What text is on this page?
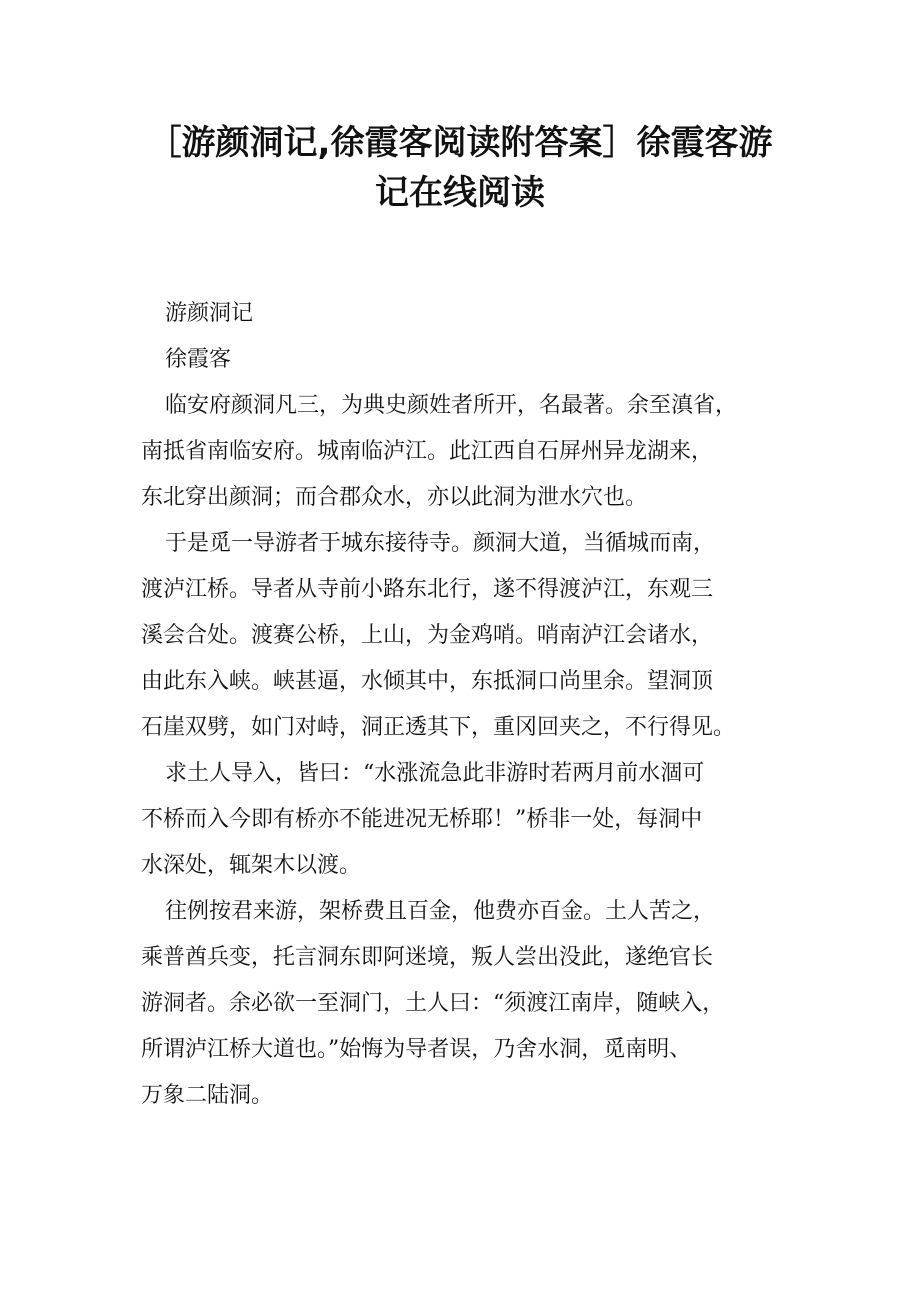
［游颜洞记,徐霞客阅读附答案］徐霞客游
记在线阅读
游颜洞记
徐霞客
临安府颜洞凡三，为典史颜姓者所开，名最著。余至滇省，
南抵省南临安府。城南临泸江。此江西自石屏州异龙湖来，
东北穿出颜洞；而合郡众水，亦以此洞为泄水穴也。
于是觅一导游者于城东接待寺。颜洞大道，当循城而南，
渡泸江桥。导者从寺前小路东北行，遂不得渡泸江，东观三
溪会合处。渡赛公桥，上山，为金鸡哨。哨南泸江会诸水，
由此东入峡。峡甚逼，水倾其中，东抵洞口尚里余。望洞顶
石崖双劈，如门对峙，洞正透其下，重冈回夹之，不行得见。
求土人导入，皆曰：“水涨流急此非游时若两月前水涸可
不桥而入今即有桥亦不能进况无桥耶！”桥非一处，每洞中
水深处，辄架木以渡。
往例按君来游，架桥费且百金，他费亦百金。土人苦之，
乘普酋兵变，托言洞东即阿迷境，叛人尝出没此，遂绝官长
游洞者。余必欲一至洞门，土人曰：“须渡江南岸，随峡入，
所谓泸江桥大道也。”始悔为导者误，乃舍水洞，觅南明、
万象二陆洞。
